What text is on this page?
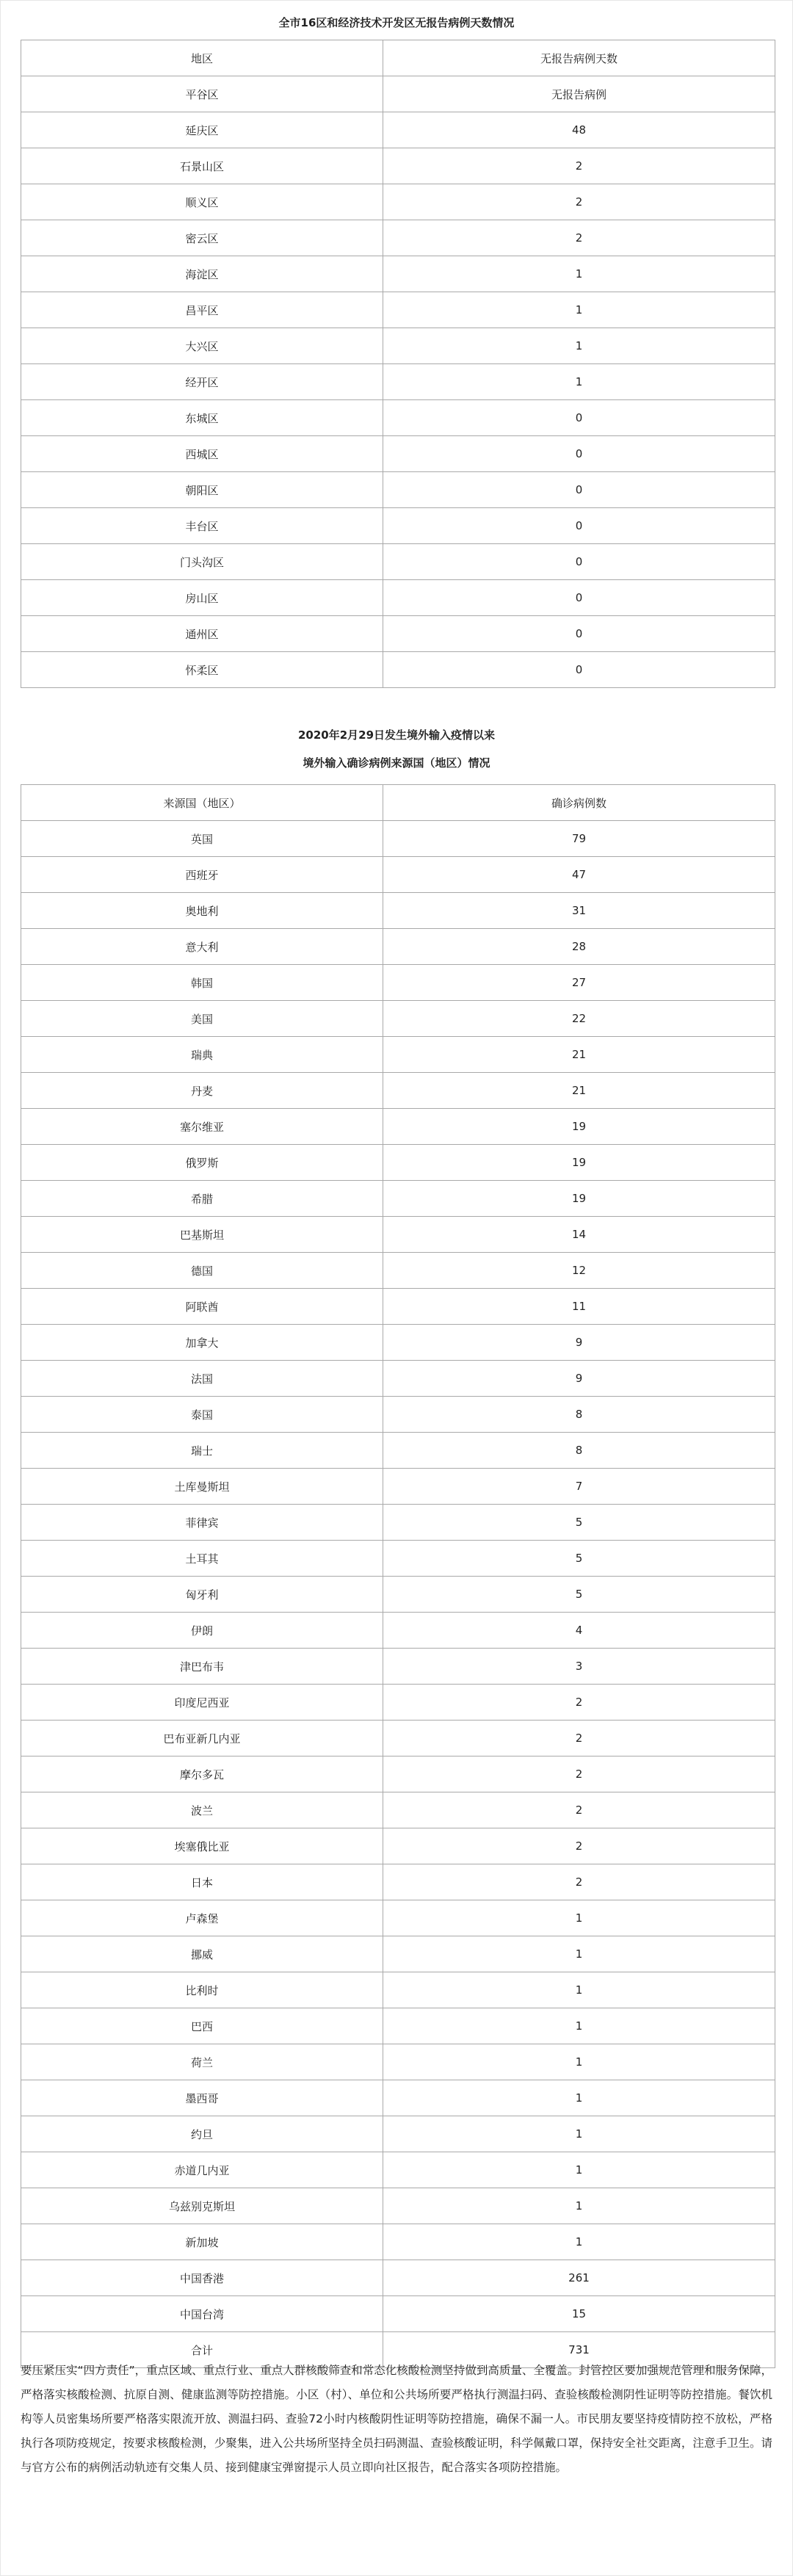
全市16区和经济技术开发区无报告病例天数情况

地区	无报告病例天数
平谷区	无报告病例
延庆区	48
石景山区	2
顺义区	2
密云区	2
海淀区	1
昌平区	1
大兴区	1
经开区	1
东城区	0
西城区	0
朝阳区	0
丰台区	0
门头沟区	0
房山区	0
通州区	0
怀柔区	0

2020年2月29日发生境外输入疫情以来

境外输入确诊病例来源国（地区）情况

来源国（地区）	确诊病例数
英国	79
西班牙	47
奥地利	31
意大利	28
韩国	27
美国	22
瑞典	21
丹麦	21
塞尔维亚	19
俄罗斯	19
希腊	19
巴基斯坦	14
德国	12
阿联酋	11
加拿大	9
法国	9
泰国	8
瑞士	8
土库曼斯坦	7
菲律宾	5
土耳其	5
匈牙利	5
伊朗	4
津巴布韦	3
印度尼西亚	2
巴布亚新几内亚	2
摩尔多瓦	2
波兰	2
埃塞俄比亚	2
日本	2
卢森堡	1
挪威	1
比利时	1
巴西	1
荷兰	1
墨西哥	1
约旦	1
赤道几内亚	1
乌兹别克斯坦	1
新加坡	1
中国香港	261
中国台湾	15
合计	731
要压紧压实“四方责任”，重点区域、重点行业、重点人群核酸筛查和常态化核酸检测坚持做到高质量、全覆盖。封管控区要加强规范管理和服务保障，严格落实核酸检测、抗原自测、健康监测等防控措施。小区（村）、单位和公共场所要严格执行测温扫码、查验核酸检测阴性证明等防控措施。餐饮机构等人员密集场所要严格落实限流开放、测温扫码、查验72小时内核酸阴性证明等防控措施，确保不漏一人。市民朋友要坚持疫情防控不放松，严格执行各项防疫规定，按要求核酸检测，少聚集，进入公共场所坚持全员扫码测温、查验核酸证明，科学佩戴口罩，保持安全社交距离，注意手卫生。请与官方公布的病例活动轨迹有交集人员、接到健康宝弹窗提示人员立即向社区报告，配合落实各项防控措施。
